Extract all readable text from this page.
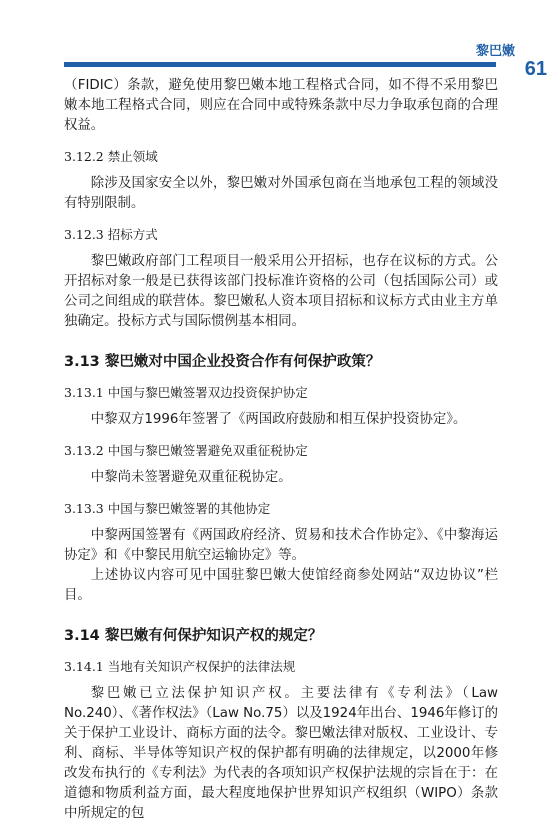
黎巴嫩
61

（FIDIC）条款，避免使用黎巴嫩本地工程格式合同，如不得不采用黎巴嫩本地工程格式合同，则应在合同中或特殊条款中尽力争取承包商的合理权益。

3.12.2 禁止领域

除涉及国家安全以外，黎巴嫩对外国承包商在当地承包工程的领域没有特别限制。

3.12.3 招标方式

黎巴嫩政府部门工程项目一般采用公开招标，也存在议标的方式。公开招标对象一般是已获得该部门投标准许资格的公司（包括国际公司）或公司之间组成的联营体。黎巴嫩私人资本项目招标和议标方式由业主方单独确定。投标方式与国际惯例基本相同。

3.13 黎巴嫩对中国企业投资合作有何保护政策？
3.13.1 中国与黎巴嫩签署双边投资保护协定

中黎双方1996年签署了《两国政府鼓励和相互保护投资协定》。

3.13.2 中国与黎巴嫩签署避免双重征税协定

中黎尚未签署避免双重征税协定。

3.13.3 中国与黎巴嫩签署的其他协定

中黎两国签署有《两国政府经济、贸易和技术合作协定》、《中黎海运协定》和《中黎民用航空运输协定》等。

上述协议内容可见中国驻黎巴嫩大使馆经商参处网站“双边协议”栏目。

3.14 黎巴嫩有何保护知识产权的规定？
3.14.1 当地有关知识产权保护的法律法规

黎巴嫩已立法保护知识产权。主要法律有《专利法》（Law No.240）、《著作权法》（Law No.75）以及1924年出台、1946年修订的关于保护工业设计、商标方面的法令。黎巴嫩法律对版权、工业设计、专利、商标、半导体等知识产权的保护都有明确的法律规定，以2000年修改发布执行的《专利法》为代表的各项知识产权保护法规的宗旨在于：在道德和物质利益方面，最大程度地保护世界知识产权组织（WIPO）条款中所规定的包
